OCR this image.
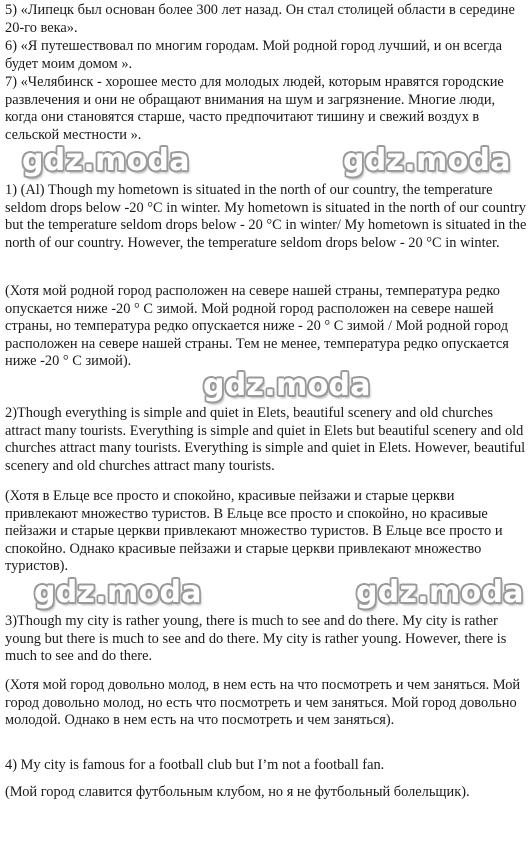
5) «Липецк был основан более 300 лет назад. Он стал столицей области в середине 20-го века».

6) «Я путешествовал по многим городам. Мой родной город лучший, и он всегда будет моим домом ».

7) «Челябинск - хорошее место для молодых людей, которым нравятся городские развлечения и они не обращают внимания на шум и загрязнение. Многие люди, когда они становятся старше, часто предпочитают тишину и свежий воздух в сельской местности ».

gdz.moda	gdz.moda

1) (Al) Though my hometown is situated in the north of our country, the temperature seldom drops below -20 °C in winter. My hometown is situated in the north of our country but the temperature seldom drops below - 20 °C in winter/ My hometown is situated in the north of our country. However, the temperature seldom drops below - 20 °C in winter.

(Хотя мой родной город расположен на севере нашей страны, температура редко опускается ниже -20 ° С зимой. Мой родной город расположен на севере нашей страны, но температура редко опускается ниже - 20 ° С зимой / Мой родной город расположен на севере нашей страны. Тем не менее, температура редко опускается ниже -20 ° С зимой).

gdz.moda

2)Though everything is simple and quiet in Elets, beautiful scenery and old churches attract many tourists. Everything is simple and quiet in Elets but beautiful scenery and old churches attract many tourists. Everything is simple and quiet in Elets. However, beautiful scenery and old churches attract many tourists.

(Хотя в Ельце все просто и спокойно, красивые пейзажи и старые церкви привлекают множество туристов. В Ельце все просто и спокойно, но красивые пейзажи и старые церкви привлекают множество туристов. В Ельце все просто и спокойно. Однако красивые пейзажи и старые церкви привлекают множество туристов).

gdz.moda	gdz.moda

3)Though my city is rather young, there is much to see and do there. My city is rather young but there is much to see and do there. My city is rather young. However, there is much to see and do there.

(Хотя мой город довольно молод, в нем есть на что посмотреть и чем заняться. Мой город довольно молод, но есть что посмотреть и чем заняться. Мой город довольно молодой. Однако в нем есть на что посмотреть и чем заняться).

4) My city is famous for a football club but I’m not a football fan.

(Мой город славится футбольным клубом, но я не футбольный болельщик).
